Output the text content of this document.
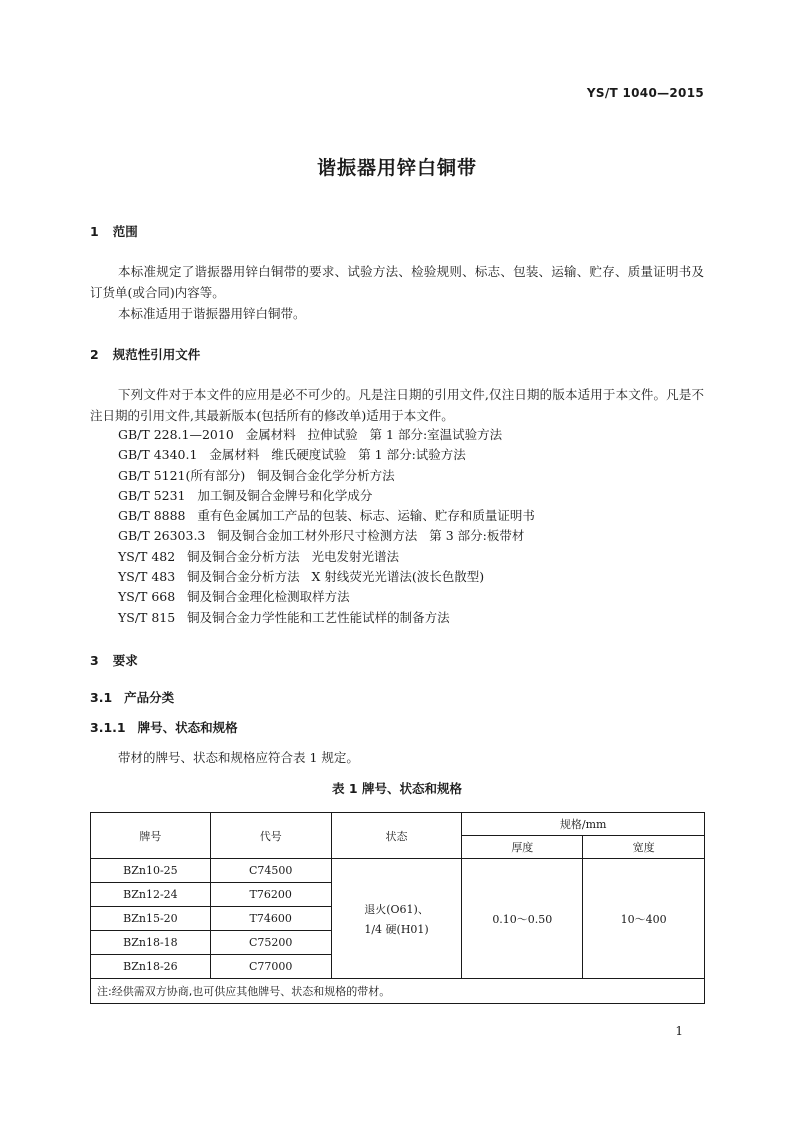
YS/T 1040—2015
谐振器用锌白铜带
1 范围
本标准规定了谐振器用锌白铜带的要求、试验方法、检验规则、标志、包装、运输、贮存、质量证明书及订货单(或合同)内容等。
本标准适用于谐振器用锌白铜带。
2 规范性引用文件
下列文件对于本文件的应用是必不可少的。凡是注日期的引用文件,仅注日期的版本适用于本文件。凡是不注日期的引用文件,其最新版本(包括所有的修改单)适用于本文件。
GB/T 228.1—2010   金属材料   拉伸试验   第 1 部分:室温试验方法
GB/T 4340.1   金属材料   维氏硬度试验   第 1 部分:试验方法
GB/T 5121(所有部分)   铜及铜合金化学分析方法
GB/T 5231   加工铜及铜合金牌号和化学成分
GB/T 8888   重有色金属加工产品的包装、标志、运输、贮存和质量证明书
GB/T 26303.3   铜及铜合金加工材外形尺寸检测方法   第 3 部分:板带材
YS/T 482   铜及铜合金分析方法   光电发射光谱法
YS/T 483   铜及铜合金分析方法   X 射线荧光光谱法(波长色散型)
YS/T 668   铜及铜合金理化检测取样方法
YS/T 815   铜及铜合金力学性能和工艺性能试样的制备方法
3 要求
3.1 产品分类
3.1.1 牌号、状态和规格
带材的牌号、状态和规格应符合表 1 规定。
表 1 牌号、状态和规格
牌号	代号	状态	规格/mm	
			厚度	宽度
BZn10-25	C74500	退火(O61)、
1/4 硬(H01)	0.10～0.50	10～400
BZn12-24	T76200			
BZn15-20	T74600			
BZn18-18	C75200			
BZn18-26	C77000			
注:经供需双方协商,也可供应其他牌号、状态和规格的带材。				
1
